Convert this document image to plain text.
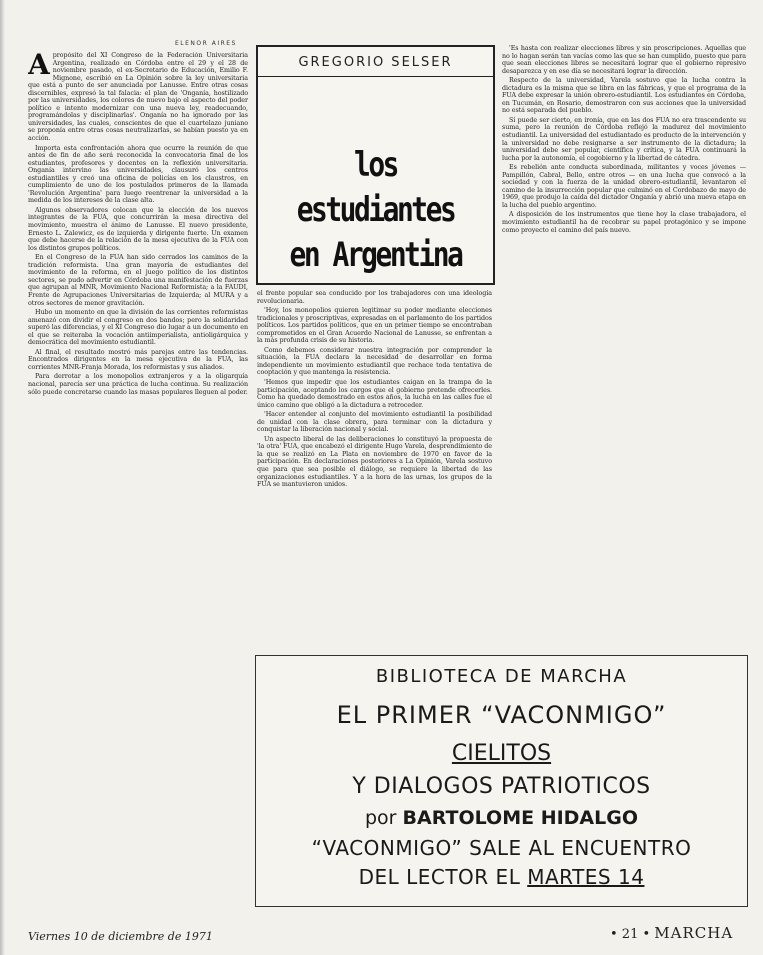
ELENOR AIRES
A propósito del XI Congreso de la Federación Universitaria Argentina, realizado en Córdoba entre el 29 y el 28 de noviembre pasado, el ex-Secretario de Educación, Emilio F. Mignone, escribió en La Opinión sobre la ley universitaria que está a punto de ser anunciada por Lanusse. Entre otras cosas discernibles, expresó la tal falacia: el plan de 'Onganía, hostilizado por las universidades, los colores de nuevo bajo el aspecto del poder político e intento modernizar con una nueva ley, readecuando, programándolas y disciplinarlas'. Onganía no ha ignorado por las universidades, las cuales, conscientes de que el cuartelazo juniano se proponía entre otras cosas neutralizarlas, se habían puesto ya en acción.

Importa esta confrontación ahora que ocurre la reunión de que antes de fin de año será reconocida la convocatoria final de los estudiantes, profesores y docentes en la reflexión universitaria. Onganía intervino las universidades, clausuró los centros estudiantiles y creó una oficina de policías en los claustros, en cumplimiento de uno de los postulados primeros de la llamada 'Revolución Argentina' para luego reentrenar la universidad a la medida de los intereses de la clase alta.

Algunos observadores colocan que la elección de los nuevos integrantes de la FUA, que concurrirán la mesa directiva del movimiento, muestra el ánimo de Lanusse. El nuevo presidente, Ernesto L. Zalewicz, es de izquierda y dirigente fuerte. Un examen que debe hacerse de la relación de la mesa ejecutiva de la FUA con los distintos grupos políticos.

En el Congreso de la FUA han sido cerrados los caminos de la tradición reformista. Una gran mayoría de estudiantes del movimiento de la reforma, en el juego político de los distintos sectores, se pudo advertir en Córdoba una manifestación de fuerzas que agrupan al MNR, Movimiento Nacional Reformista; a la FAUDI, Frente de Agrupaciones Universitarias de Izquierda; al MURA y a otros sectores de menor gravitación.

Hubo un momento en que la división de las corrientes reformistas amenazó con dividir el congreso en dos bandos; pero la solidaridad superó las diferencias, y el XI Congreso dio lugar a un documento en el que se reiteraba la vocación antiimperialista, antioligárquica y democrática del movimiento estudiantil.

Al final, el resultado mostró más parejas entre las tendencias. Encontrados dirigentes en la mesa ejecutiva de la FUA, las corrientes MNR-Franja Morada, los reformistas y sus aliados.

Para derrotar a los monopolios extranjeros y a la oligarquía nacional, parecía ser una práctica de lucha continua. Su realización sólo puede concretarse cuando las masas populares lleguen al poder.

GREGORIO SELSER
los
estudiantes
en Argentina

el frente popular sea conducido por los trabajadores con una ideología revolucionaria.

'Hoy, los monopolios quieren legitimar su poder mediante elecciones tradicionales y proscriptivas, expresadas en el parlamento de los partidos políticos. Los partidos políticos, que en un primer tiempo se encontraban comprometidos en el Gran Acuerdo Nacional de Lanusse, se enfrentan a la más profunda crisis de su historia.

Como debemos considerar nuestra integración por comprender la situación, la FUA declara la necesidad de desarrollar en forma independiente un movimiento estudiantil que rechace toda tentativa de cooptación y que mantenga la resistencia.

'Hemos que impedir que los estudiantes caigan en la trampa de la participación, aceptando los cargos que el gobierno pretende ofrecerles. Como ha quedado demostrado en estos años, la lucha en las calles fue el único camino que obligó a la dictadura a retroceder.

'Hacer entender al conjunto del movimiento estudiantil la posibilidad de unidad con la clase obrera, para terminar con la dictadura y conquistar la liberación nacional y social.

Un aspecto liberal de las deliberaciones lo constituyó la propuesta de 'la otra' FUA, que encabezó el dirigente Hugo Varela, desprendimiento de la que se realizó en La Plata en noviembre de 1970 en favor de la participación. En declaraciones posteriores a La Opinión, Varela sostuvo que para que sea posible el diálogo, se requiere la libertad de las organizaciones estudiantiles. Y a la hora de las urnas, los grupos de la FUA se mantuvieron unidos.

'Es hasta con realizar elecciones libres y sin proscripciones. Aquellas que no lo hagan serán tan vacías como las que se han cumplido, puesto que para que sean elecciones libres se necesitará lograr que el gobierno represivo desaparezca y en ese día se necesitará lograr la dirección.

Respecto de la universidad, Varela sostuvo que la lucha contra la dictadura es la misma que se libra en las fábricas, y que el programa de la FUA debe expresar la unión obrero-estudiantil. Los estudiantes en Córdoba, en Tucumán, en Rosario, demostraron con sus acciones que la universidad no está separada del pueblo.

Sí puede ser cierto, en ironía, que en las dos FUA no era trascendente su suma, pero la reunión de Córdoba reflejó la madurez del movimiento estudiantil. La universidad del estudiantado es producto de la intervención y la universidad no debe resignarse a ser instrumento de la dictadura; la universidad debe ser popular, científica y crítica, y la FUA continuará la lucha por la autonomía, el cogobierno y la libertad de cátedra.

Es rebelión ante conducta subordinada, militantes y voces jóvenes — Pampillón, Cabral, Bello, entre otros — en una lucha que convocó a la sociedad y con la fuerza de la unidad obrero-estudiantil, levantaron el camino de la insurrección popular que culminó en el Cordobazo de mayo de 1969, que produjo la caída del dictador Onganía y abrió una nueva etapa en la lucha del pueblo argentino.

A disposición de los instrumentos que tiene hoy la clase trabajadora, el movimiento estudiantil ha de recobrar su papel protagónico y se impone como proyecto el camino del país nuevo.

BIBLIOTECA DE MARCHA
EL PRIMER “VACONMIGO”
CIELITOS
Y DIALOGOS PATRIOTICOS
por BARTOLOME HIDALGO
“VACONMIGO” SALE AL ENCUENTRO
DEL LECTOR EL MARTES 14
Viernes 10 de diciembre de 1971	• 21 • MARCHA
